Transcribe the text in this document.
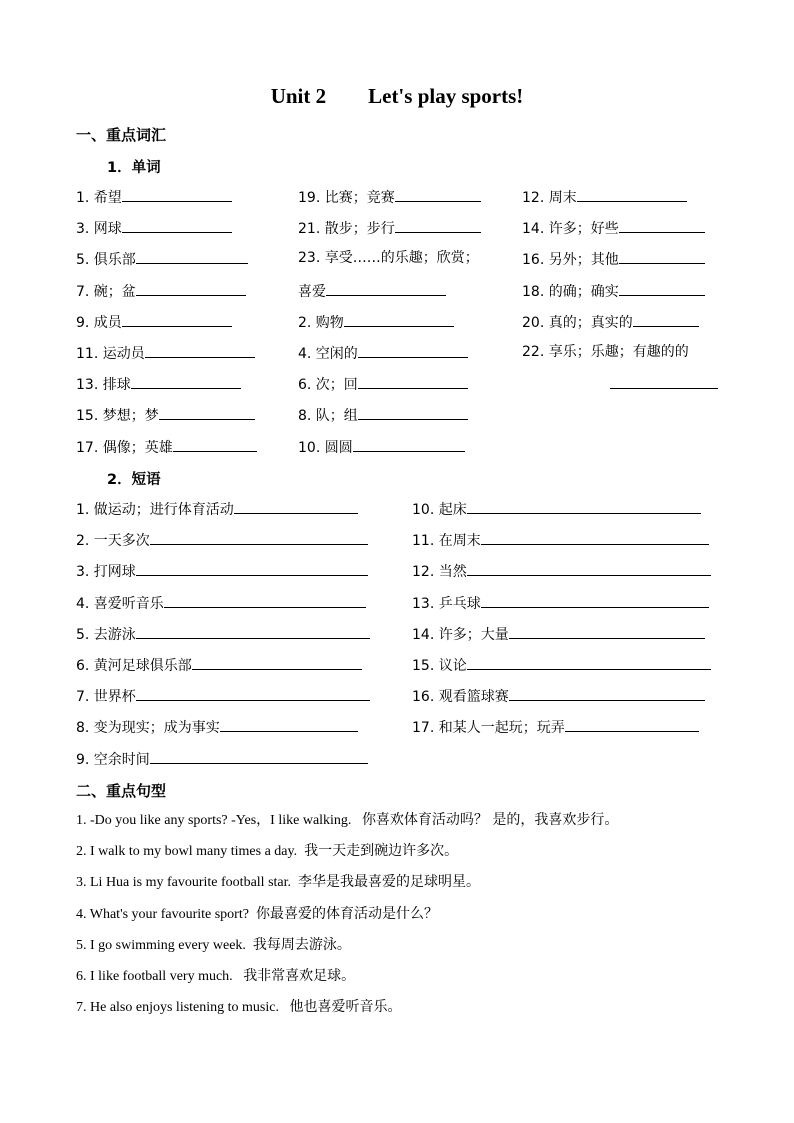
Unit 2        Let's play sports!
一、重点词汇
1．单词
1. 希望
3. 网球
5. 俱乐部
7. 碗；盆
9. 成员
11. 运动员
13. 排球
15. 梦想；梦
17. 偶像；英雄
19. 比赛；竞赛
21. 散步；步行
23. 享受……的乐趣；欣赏；
喜爱
2. 购物
4. 空闲的
6. 次；回
8. 队；组
10. 圆圆
12. 周末
14. 许多；好些
16. 另外；其他
18. 的确；确实
20. 真的；真实的
22. 享乐；乐趣；有趣的的
2．短语
1. 做运动；进行体育活动
2. 一天多次
3. 打网球
4. 喜爱听音乐
5. 去游泳
6. 黄河足球俱乐部
7. 世界杯
8. 变为现实；成为事实
9. 空余时间
10. 起床
11. 在周末
12. 当然
13. 乒乓球
14. 许多；大量
15. 议论
16. 观看篮球赛
17. 和某人一起玩；玩弄
二、重点句型
1. -Do you like any sports? -Yes，I like walking. 你喜欢体育活动吗？ 是的，我喜欢步行。
2. I walk to my bowl many times a day. 我一天走到碗边许多次。
3. Li Hua is my favourite football star. 李华是我最喜爱的足球明星。
4. What's your favourite sport? 你最喜爱的体育活动是什么？
5. I go swimming every week. 我每周去游泳。
6. I like football very much. 我非常喜欢足球。
7. He also enjoys listening to music. 他也喜爱听音乐。
